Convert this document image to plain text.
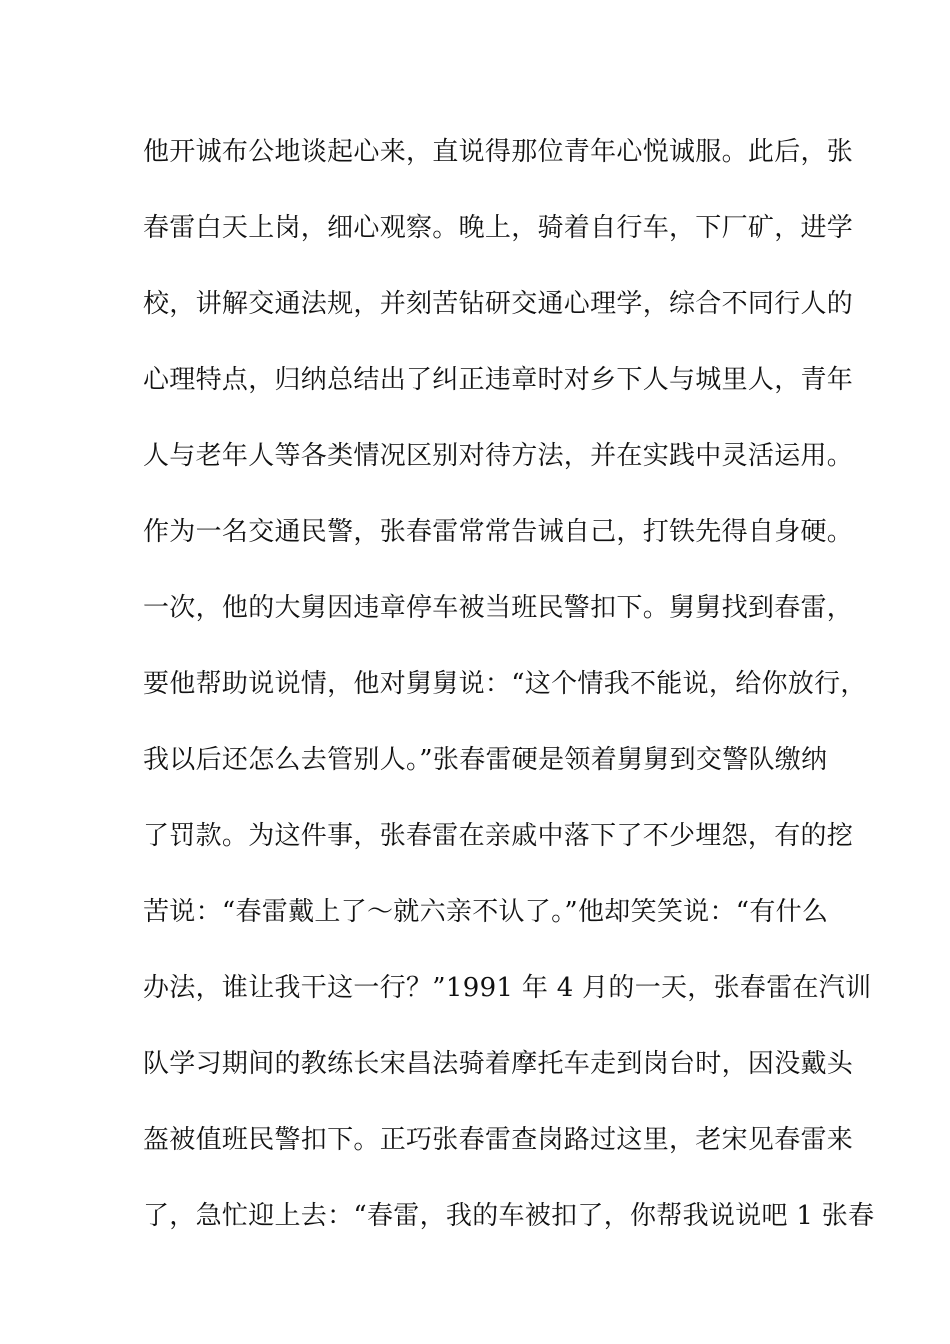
他开诚布公地谈起心来，直说得那位青年心悦诚服。此后，张
春雷白天上岗，细心观察。晚上，骑着自行车，下厂矿，进学
校，讲解交通法规，并刻苦钻研交通心理学，综合不同行人的
心理特点，归纳总结出了纠正违章时对乡下人与城里人，青年
人与老年人等各类情况区别对待方法，并在实践中灵活运用。
作为一名交通民警，张春雷常常告诫自己，打铁先得自身硬。
一次，他的大舅因违章停车被当班民警扣下。舅舅找到春雷，
要他帮助说说情，他对舅舅说：“这个情我不能说，给你放行，
我以后还怎么去管别人。”张春雷硬是领着舅舅到交警队缴纳
了罚款。为这件事，张春雷在亲戚中落下了不少埋怨，有的挖
苦说：“春雷戴上了～就六亲不认了。”他却笑笑说：“有什么
办法，谁让我干这一行？”1991 年 4 月的一天，张春雷在汽训
队学习期间的教练长宋昌法骑着摩托车走到岗台时，因没戴头
盔被值班民警扣下。正巧张春雷查岗路过这里，老宋见春雷来
了，急忙迎上去：“春雷，我的车被扣了，你帮我说说吧 1 张春
